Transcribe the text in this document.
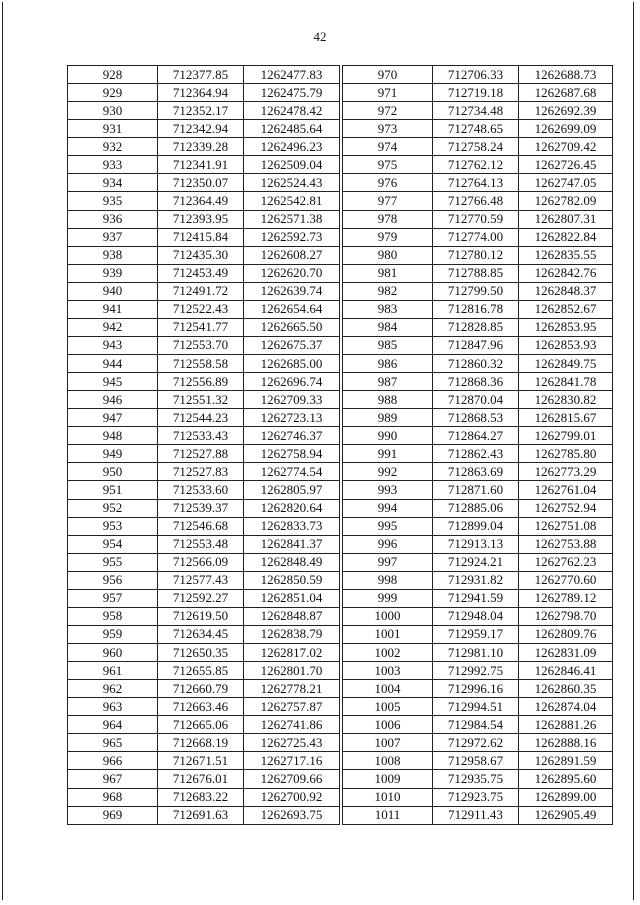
42
928	712377.85	1262477.83
929	712364.94	1262475.79
930	712352.17	1262478.42
931	712342.94	1262485.64
932	712339.28	1262496.23
933	712341.91	1262509.04
934	712350.07	1262524.43
935	712364.49	1262542.81
936	712393.95	1262571.38
937	712415.84	1262592.73
938	712435.30	1262608.27
939	712453.49	1262620.70
940	712491.72	1262639.74
941	712522.43	1262654.64
942	712541.77	1262665.50
943	712553.70	1262675.37
944	712558.58	1262685.00
945	712556.89	1262696.74
946	712551.32	1262709.33
947	712544.23	1262723.13
948	712533.43	1262746.37
949	712527.88	1262758.94
950	712527.83	1262774.54
951	712533.60	1262805.97
952	712539.37	1262820.64
953	712546.68	1262833.73
954	712553.48	1262841.37
955	712566.09	1262848.49
956	712577.43	1262850.59
957	712592.27	1262851.04
958	712619.50	1262848.87
959	712634.45	1262838.79
960	712650.35	1262817.02
961	712655.85	1262801.70
962	712660.79	1262778.21
963	712663.46	1262757.87
964	712665.06	1262741.86
965	712668.19	1262725.43
966	712671.51	1262717.16
967	712676.01	1262709.66
968	712683.22	1262700.92
969	712691.63	1262693.75
970	712706.33	1262688.73
971	712719.18	1262687.68
972	712734.48	1262692.39
973	712748.65	1262699.09
974	712758.24	1262709.42
975	712762.12	1262726.45
976	712764.13	1262747.05
977	712766.48	1262782.09
978	712770.59	1262807.31
979	712774.00	1262822.84
980	712780.12	1262835.55
981	712788.85	1262842.76
982	712799.50	1262848.37
983	712816.78	1262852.67
984	712828.85	1262853.95
985	712847.96	1262853.93
986	712860.32	1262849.75
987	712868.36	1262841.78
988	712870.04	1262830.82
989	712868.53	1262815.67
990	712864.27	1262799.01
991	712862.43	1262785.80
992	712863.69	1262773.29
993	712871.60	1262761.04
994	712885.06	1262752.94
995	712899.04	1262751.08
996	712913.13	1262753.88
997	712924.21	1262762.23
998	712931.82	1262770.60
999	712941.59	1262789.12
1000	712948.04	1262798.70
1001	712959.17	1262809.76
1002	712981.10	1262831.09
1003	712992.75	1262846.41
1004	712996.16	1262860.35
1005	712994.51	1262874.04
1006	712984.54	1262881.26
1007	712972.62	1262888.16
1008	712958.67	1262891.59
1009	712935.75	1262895.60
1010	712923.75	1262899.00
1011	712911.43	1262905.49
